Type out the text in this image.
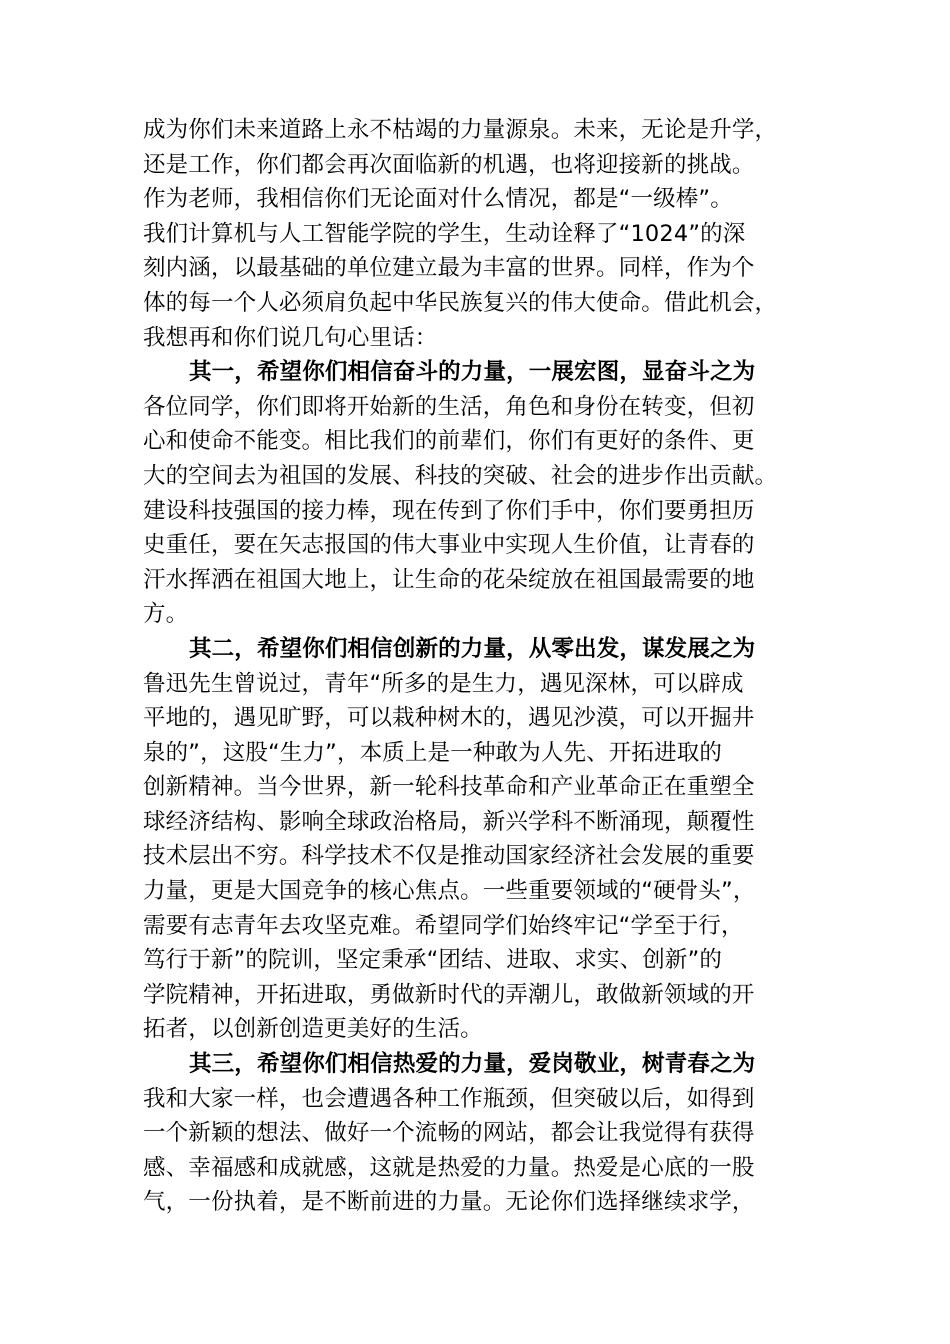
成为你们未来道路上永不枯竭的力量源泉。未来，无论是升学，
还是工作，你们都会再次面临新的机遇，也将迎接新的挑战。
作为老师，我相信你们无论面对什么情况，都是“一级棒”。
我们计算机与人工智能学院的学生，生动诠释了“1024”的深
刻内涵，以最基础的单位建立最为丰富的世界。同样，作为个
体的每一个人必须肩负起中华民族复兴的伟大使命。借此机会，
我想再和你们说几句心里话：
其一，希望你们相信奋斗的力量，一展宏图，显奋斗之为
各位同学，你们即将开始新的生活，角色和身份在转变，但初
心和使命不能变。相比我们的前辈们，你们有更好的条件、更
大的空间去为祖国的发展、科技的突破、社会的进步作出贡献。
建设科技强国的接力棒，现在传到了你们手中，你们要勇担历
史重任，要在矢志报国的伟大事业中实现人生价值，让青春的
汗水挥洒在祖国大地上，让生命的花朵绽放在祖国最需要的地
方。
其二，希望你们相信创新的力量，从零出发，谋发展之为
鲁迅先生曾说过，青年“所多的是生力，遇见深林，可以辟成
平地的，遇见旷野，可以栽种树木的，遇见沙漠，可以开掘井
泉的”，这股“生力”，本质上是一种敢为人先、开拓进取的
创新精神。当今世界，新一轮科技革命和产业革命正在重塑全
球经济结构、影响全球政治格局，新兴学科不断涌现，颠覆性
技术层出不穷。科学技术不仅是推动国家经济社会发展的重要
力量，更是大国竞争的核心焦点。一些重要领域的“硬骨头”，
需要有志青年去攻坚克难。希望同学们始终牢记“学至于行，
笃行于新”的院训，坚定秉承“团结、进取、求实、创新”的
学院精神，开拓进取，勇做新时代的弄潮儿，敢做新领域的开
拓者，以创新创造更美好的生活。
其三，希望你们相信热爱的力量，爱岗敬业，树青春之为
我和大家一样，也会遭遇各种工作瓶颈，但突破以后，如得到
一个新颖的想法、做好一个流畅的网站，都会让我觉得有获得
感、幸福感和成就感，这就是热爱的力量。热爱是心底的一股
气，一份执着，是不断前进的力量。无论你们选择继续求学，
